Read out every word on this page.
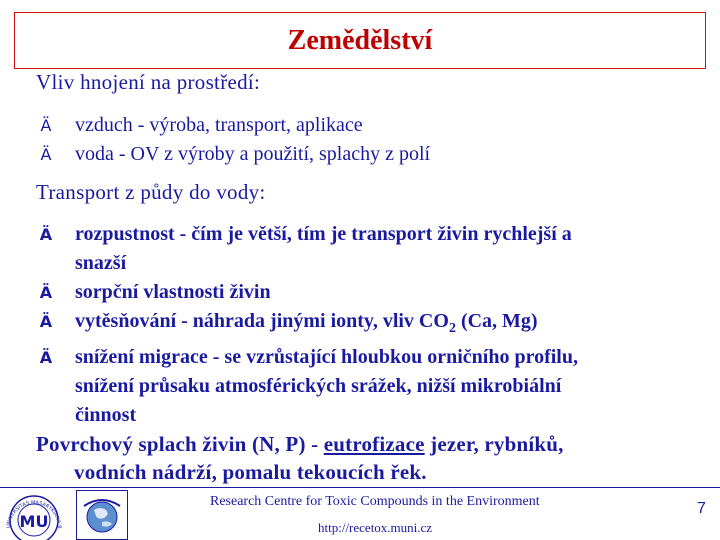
Zemědělství
Vliv hnojení na prostředí:
Ä vzduch - výroba, transport, aplikace
Ä voda - OV z výroby a použití, splachy z polí
Transport z půdy do vody:
Ä rozpustnost - čím je větší, tím je transport živin rychlejší a
snazší
Ä sorpční vlastnosti živin
Ä vytěsňování - náhrada jinými ionty, vliv $CO_2$ (Ca, Mg)
Ä snížení migrace - se vzrůstající hloubkou orničního profilu,
snížení průsaku atmosférických srážek, nižší mikrobiální
činnost
Povrchový splach živin (N, P) - eutrofizace jezer, rybníků,
vodních nádrží, pomalu tekoucích řek.
UNIVERSITAS MASARYKIANA B
MU
Research Centre for Toxic Compounds in the Environment
http://recetox.muni.cz
7
